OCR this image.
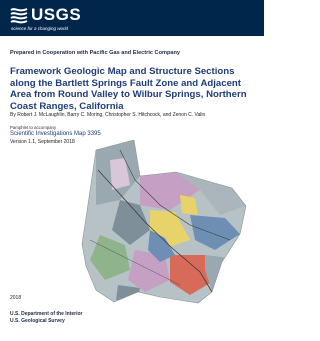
USGS
science for a changing world
Prepared in Cooperation with Pacific Gas and Electric Company
Framework Geologic Map and Structure Sections along the Bartlett Springs Fault Zone and Adjacent Area from Round Valley to Wilbur Springs, Northern Coast Ranges, California
By Robert J. McLaughlin, Barry C. Moring, Christopher S. Hitchcock, and Zenon C. Valin
Pamphlet to accompany
Scientific Investigations Map 3395
Version 1.1, September 2018
2018
U.S. Department of the Interior
U.S. Geological Survey
